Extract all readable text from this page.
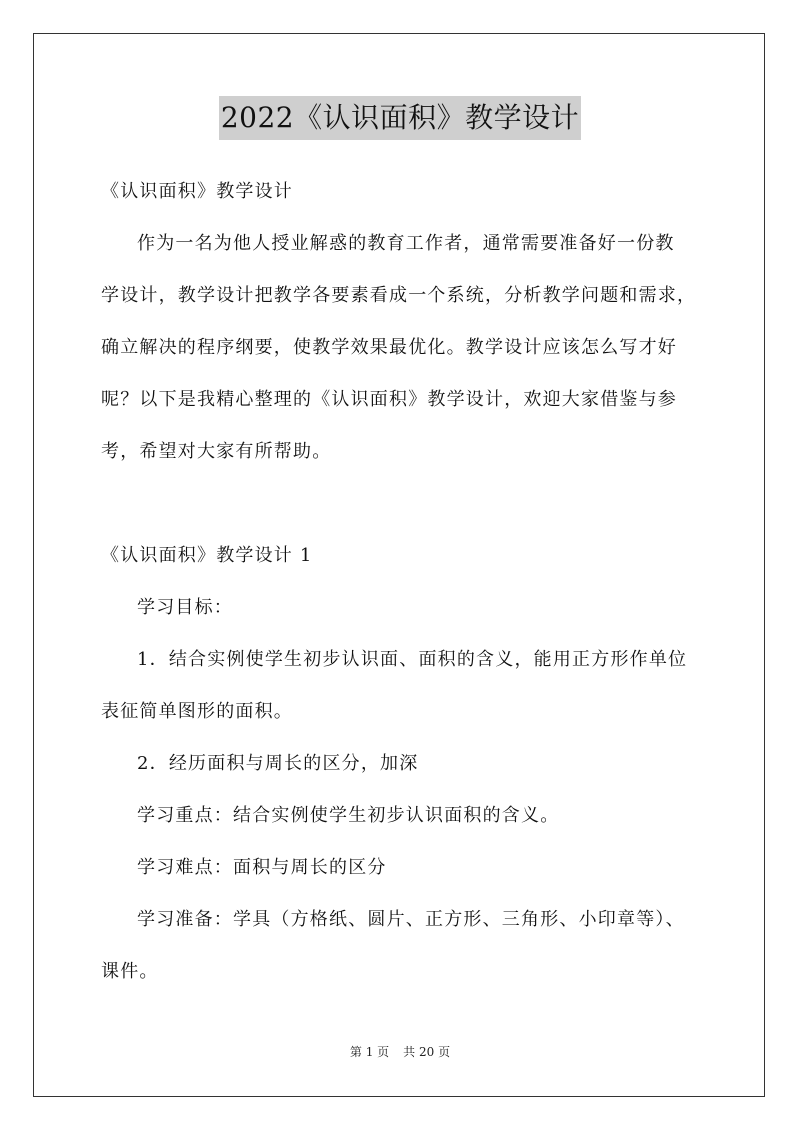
2022《认识面积》教学设计
《认识面积》教学设计
作为一名为他人授业解惑的教育工作者，通常需要准备好一份教
学设计，教学设计把教学各要素看成一个系统，分析教学问题和需求，
确立解决的程序纲要，使教学效果最优化。教学设计应该怎么写才好
呢？以下是我精心整理的《认识面积》教学设计，欢迎大家借鉴与参
考，希望对大家有所帮助。
《认识面积》教学设计 1
学习目标：
1．结合实例使学生初步认识面、面积的含义，能用正方形作单位
表征简单图形的面积。
2．经历面积与周长的区分，加深
学习重点：结合实例使学生初步认识面积的含义。
学习难点：面积与周长的区分
学习准备：学具（方格纸、圆片、正方形、三角形、小印章等）、
课件。
第 1 页 共 20 页
